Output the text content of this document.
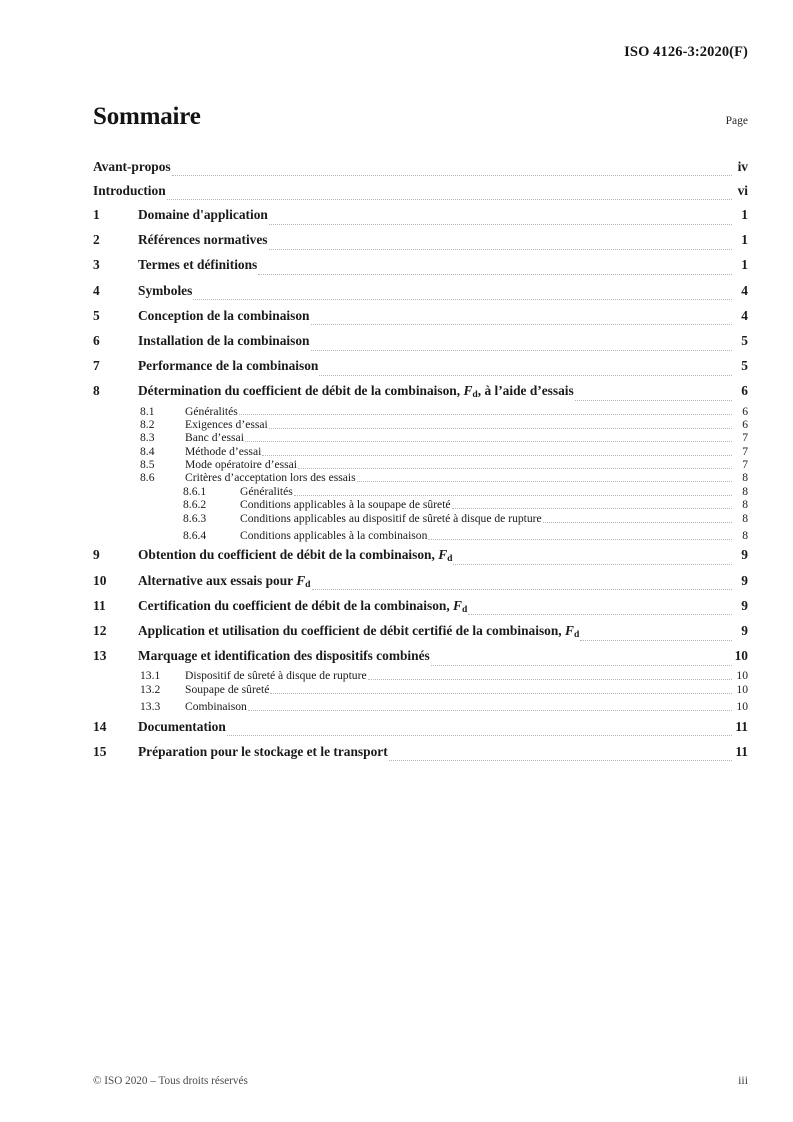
ISO 4126-3:2020(F)
Sommaire	Page
Avant-propos	iv
Introduction	vi
1	Domaine d'application	1
2	Références normatives	1
3	Termes et définitions	1
4	Symboles	4
5	Conception de la combinaison	4
6	Installation de la combinaison	5
7	Performance de la combinaison	5
8	Détermination du coefficient de débit de la combinaison, $F_d$, à l’aide d’essais	6
8.1	Généralités	6
8.2	Exigences d’essai	6
8.3	Banc d’essai	7
8.4	Méthode d’essai	7
8.5	Mode opératoire d’essai	7
8.6	Critères d’acceptation lors des essais	8
8.6.1	Généralités	8
8.6.2	Conditions applicables à la soupape de sûreté	8
8.6.3	Conditions applicables au dispositif de sûreté à disque de rupture	8
8.6.4	Conditions applicables à la combinaison	8
9	Obtention du coefficient de débit de la combinaison, $F_d$	9
10	Alternative aux essais pour $F_d$	9
11	Certification du coefficient de débit de la combinaison, $F_d$	9
12	Application et utilisation du coefficient de débit certifié de la combinaison, $F_d$	9
13	Marquage et identification des dispositifs combinés	10
13.1	Dispositif de sûreté à disque de rupture	10
13.2	Soupape de sûreté	10
13.3	Combinaison	10
14	Documentation	11
15	Préparation pour le stockage et le transport	11
© ISO 2020 – Tous droits réservés	iii
